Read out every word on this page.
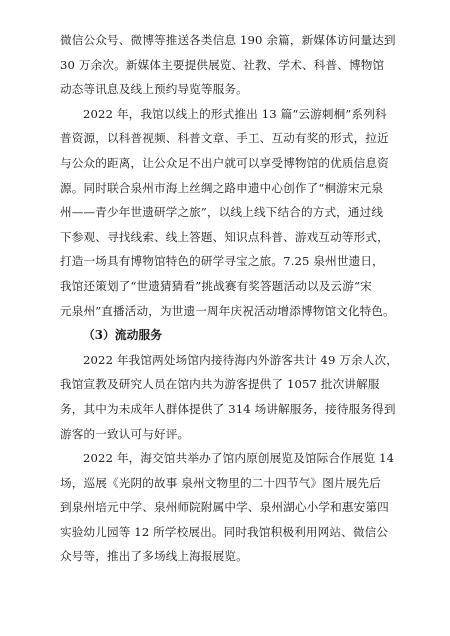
微信公众号、微博等推送各类信息 190 余篇，新媒体访问量达到
30 万余次。新媒体主要提供展览、社教、学术、科普、博物馆
动态等讯息及线上预约导览等服务。
2022 年，我馆以线上的形式推出 13 篇“云游刺桐”系列科
普资源，以科普视频、科普文章、手工、互动有奖的形式，拉近
与公众的距离，让公众足不出户就可以享受博物馆的优质信息资
源。同时联合泉州市海上丝绸之路申遗中心创作了“桐游宋元泉
州——青少年世遗研学之旅”，以线上线下结合的方式，通过线
下参观、寻找线索、线上答题、知识点科普、游戏互动等形式，
打造一场具有博物馆特色的研学寻宝之旅。7.25 泉州世遗日，
我馆还策划了“世遗猜猜看”挑战赛有奖答题活动以及云游“宋
元泉州”直播活动，为世遗一周年庆祝活动增添博物馆文化特色。
（3）流动服务
2022 年我馆两处场馆内接待海内外游客共计 49 万余人次，
我馆宣教及研究人员在馆内共为游客提供了 1057 批次讲解服
务，其中为未成年人群体提供了 314 场讲解服务，接待服务得到
游客的一致认可与好评。
2022 年，海交馆共举办了馆内原创展览及馆际合作展览 14
场，巡展《光阴的故事 泉州文物里的二十四节气》图片展先后
到泉州培元中学、泉州师院附属中学、泉州湖心小学和惠安第四
实验幼儿园等 12 所学校展出。同时我馆积极利用网站、微信公
众号等，推出了多场线上海报展览。
